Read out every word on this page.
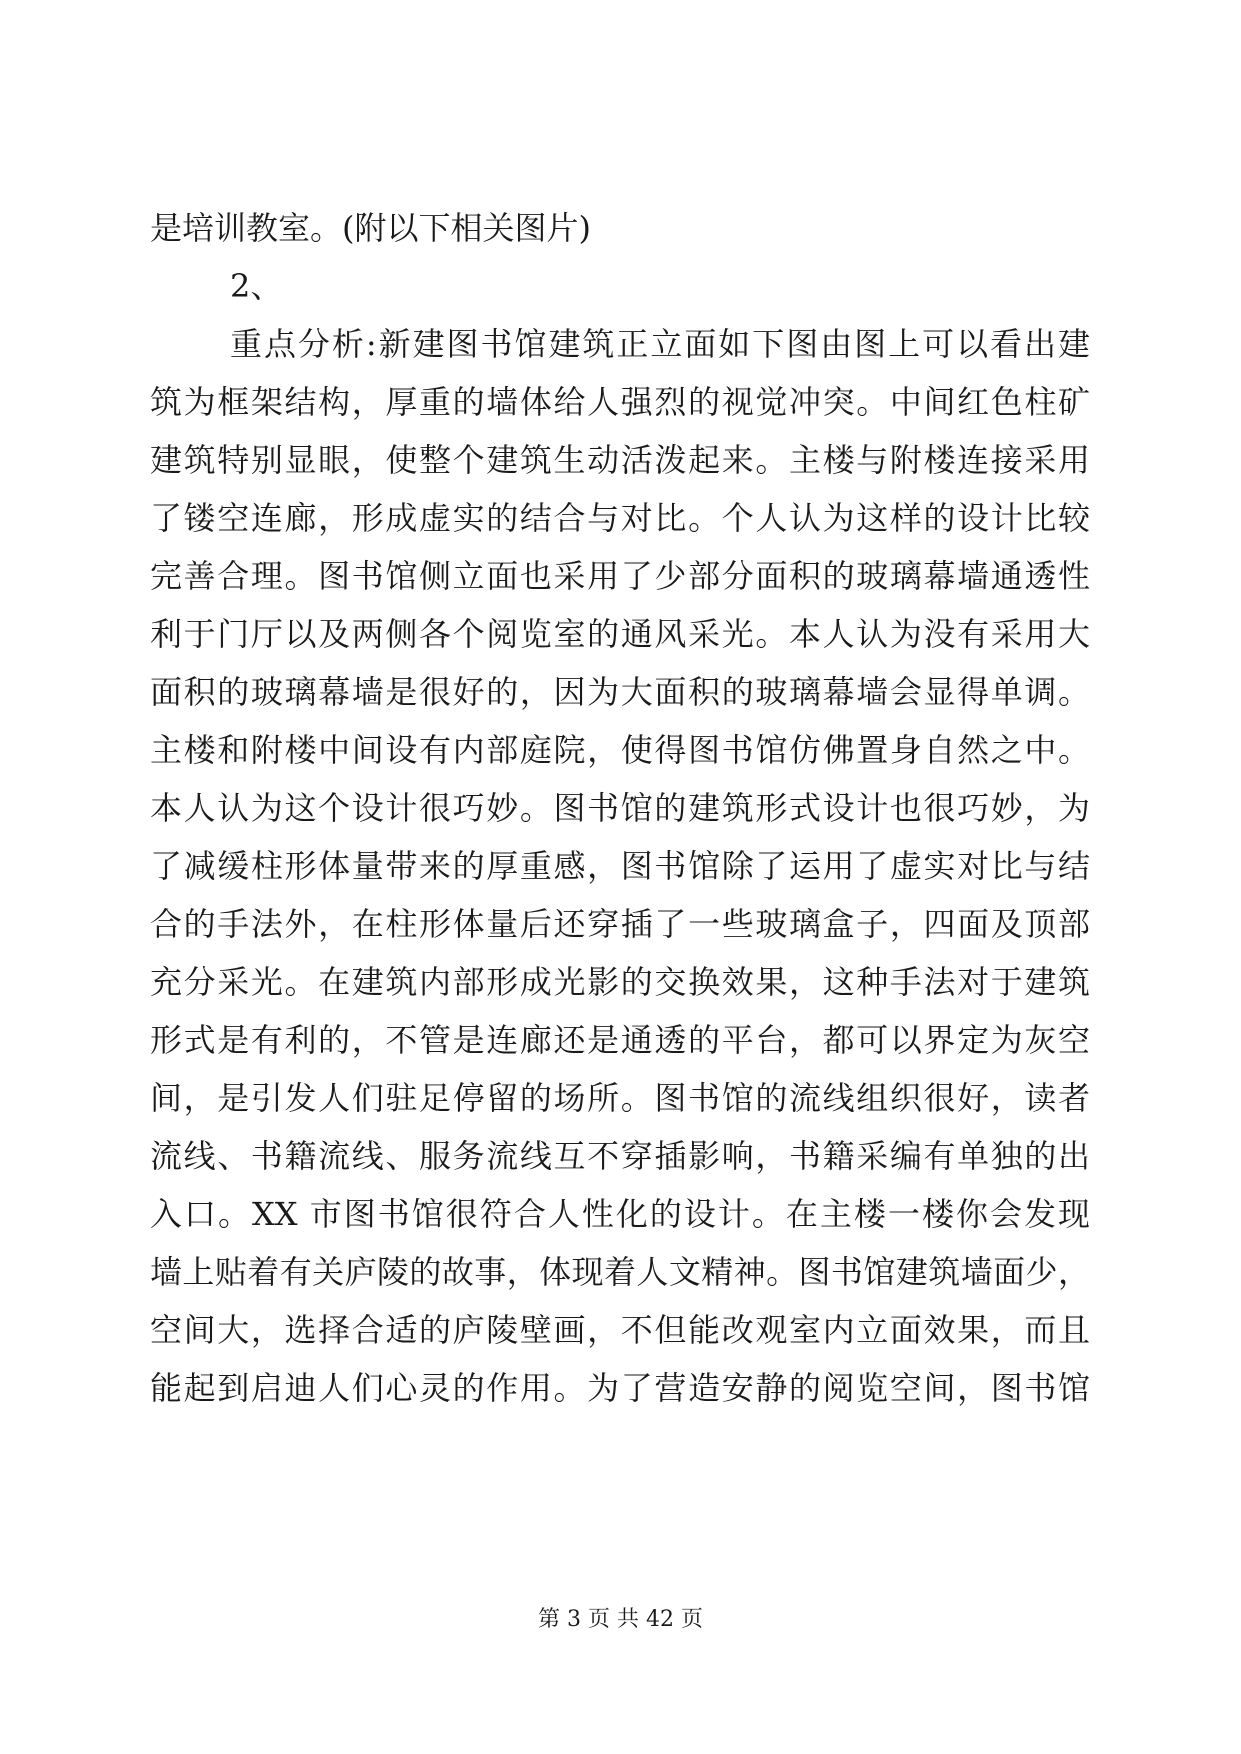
是培训教室。(附以下相关图片)
2、
重点分析:新建图书馆建筑正立面如下图由图上可以看出建
筑为框架结构，厚重的墙体给人强烈的视觉冲突。中间红色柱矿
建筑特别显眼，使整个建筑生动活泼起来。主楼与附楼连接采用
了镂空连廊，形成虚实的结合与对比。个人认为这样的设计比较
完善合理。图书馆侧立面也采用了少部分面积的玻璃幕墙通透性
利于门厅以及两侧各个阅览室的通风采光。本人认为没有采用大
面积的玻璃幕墙是很好的，因为大面积的玻璃幕墙会显得单调。
主楼和附楼中间设有内部庭院，使得图书馆仿佛置身自然之中。
本人认为这个设计很巧妙。图书馆的建筑形式设计也很巧妙，为
了减缓柱形体量带来的厚重感，图书馆除了运用了虚实对比与结
合的手法外，在柱形体量后还穿插了一些玻璃盒子，四面及顶部
充分采光。在建筑内部形成光影的交换效果，这种手法对于建筑
形式是有利的，不管是连廊还是通透的平台，都可以界定为灰空
间，是引发人们驻足停留的场所。图书馆的流线组织很好，读者
流线、书籍流线、服务流线互不穿插影响，书籍采编有单独的出
入口。XX 市图书馆很符合人性化的设计。在主楼一楼你会发现
墙上贴着有关庐陵的故事，体现着人文精神。图书馆建筑墙面少，
空间大，选择合适的庐陵壁画，不但能改观室内立面效果，而且
能起到启迪人们心灵的作用。为了营造安静的阅览空间，图书馆
第 3 页 共 42 页
